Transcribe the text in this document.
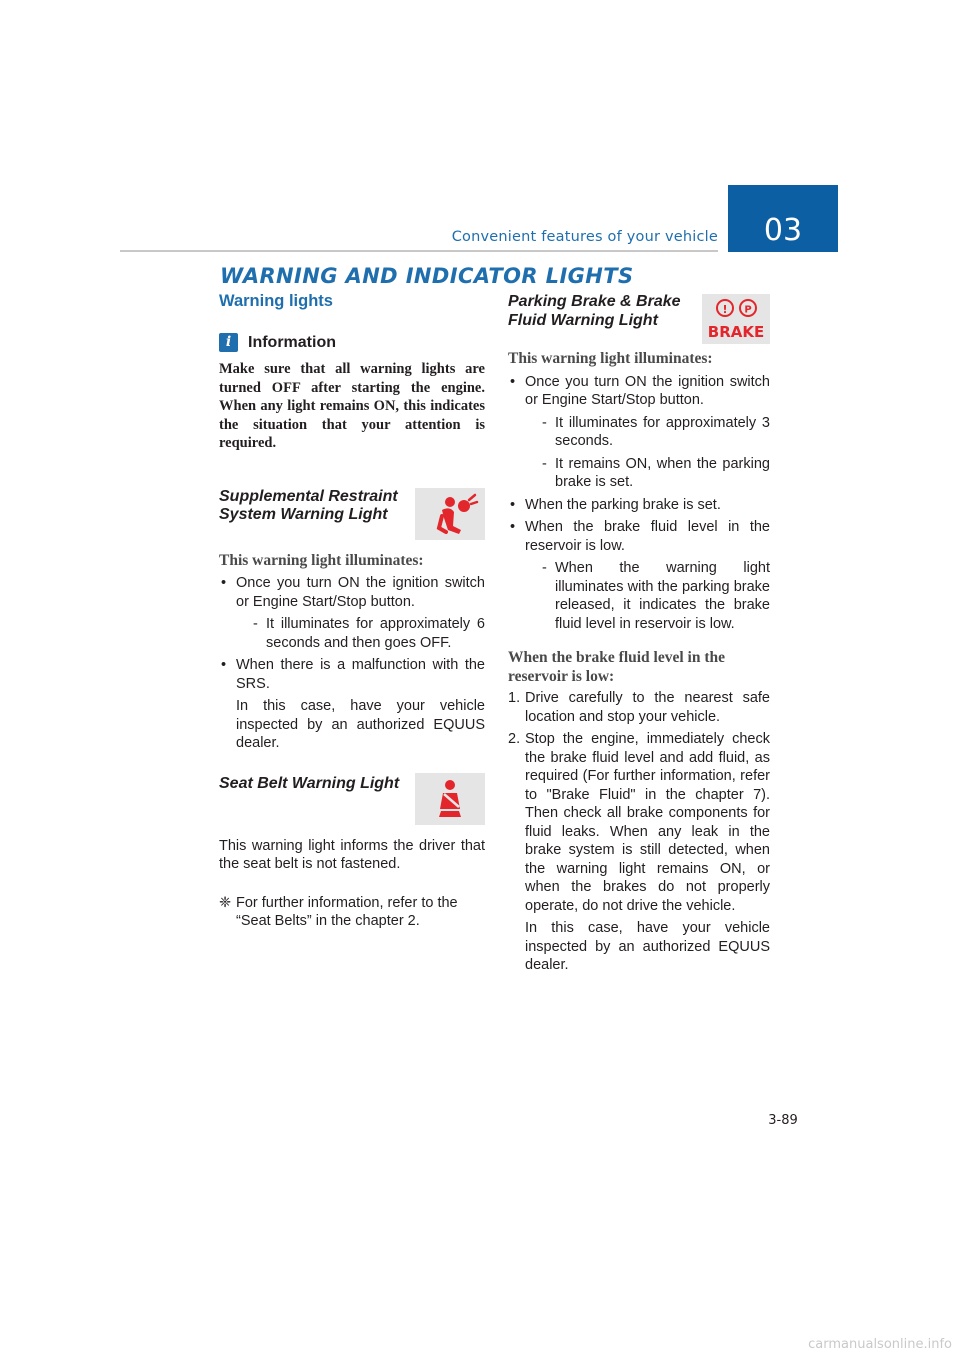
Convenient features of your vehicle	03
WARNING AND INDICATOR LIGHTS
Warning lights
i	Information

Make sure that all warning lights are turned OFF after starting the engine. When any light remains ON, this indicates the situation that your attention is required.

Supplemental Restraint System Warning Light
This warning light illuminates:
• Once you turn ON the ignition switch or Engine Start/Stop button.
- It illuminates for approximately 6 seconds and then goes OFF.
• When there is a malfunction with the SRS.
In this case, have your vehicle inspected by an authorized EQUUS dealer.
Seat Belt Warning Light

This warning light informs the driver that the seat belt is not fastened.

❈ For further information, refer to the “Seat Belts” in the chapter 2.
Parking Brake & Brake Fluid Warning Light
! P
BRAKE
This warning light illuminates:
• Once you turn ON the ignition switch or Engine Start/Stop button.
- It illuminates for approximately 3 seconds.
- It remains ON, when the parking brake is set.
• When the parking brake is set.
• When the brake fluid level in the reservoir is low.
- When the warning light illuminates with the parking brake released, it indicates the brake fluid level in reservoir is low.
When the brake fluid level in the reservoir is low:
1. Drive carefully to the nearest safe location and stop your vehicle.
2. Stop the engine, immediately check the brake fluid level and add fluid, as required (For further information, refer to "Brake Fluid" in the chapter 7). Then check all brake components for fluid leaks. When any leak in the brake system is still detected, when the warning light remains ON, or when the brakes do not properly operate, do not drive the vehicle.
In this case, have your vehicle inspected by an authorized EQUUS dealer.
3-89
carmanualsonline.info
